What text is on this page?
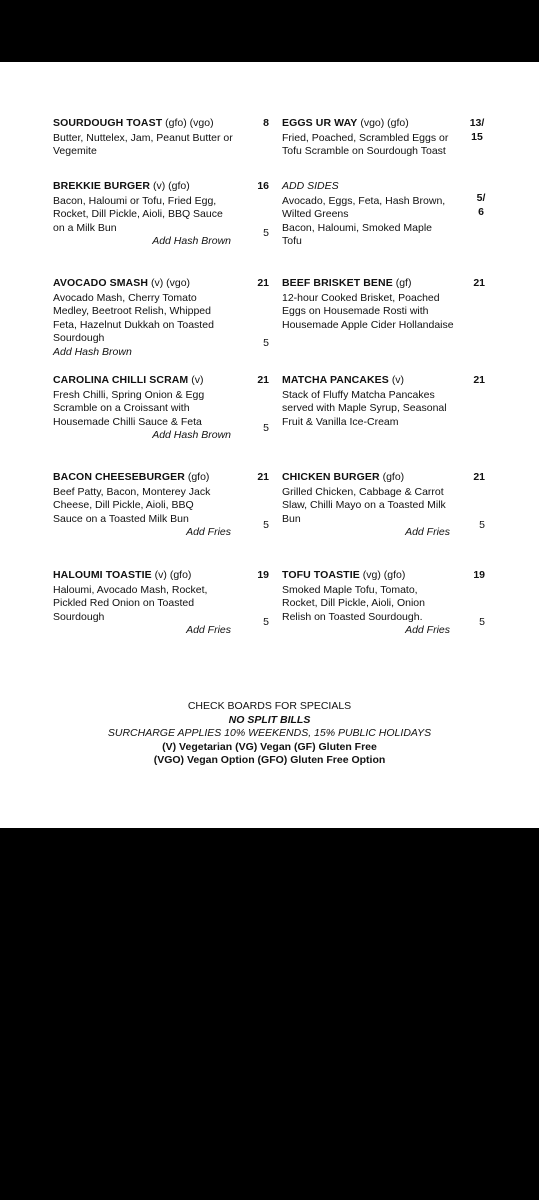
SOURDOUGH TOAST (gfo) (vgo)
Butter, Nuttelex, Jam, Peanut Butter or Vegemite
8 EGGS UR WAY (vgo) (gfo)
Fried, Poached, Scrambled Eggs or Tofu Scramble on Sourdough Toast
13/ 15
BREKKIE BURGER (v) (gfo)
Bacon, Haloumi or Tofu, Fried Egg, Rocket, Dill Pickle, Aioli, BBQ Sauce on a Milk Bun
Add Hash Brown
16
5
ADD SIDES
Avocado, Eggs, Feta, Hash Brown, Wilted Greens
Bacon, Haloumi, Smoked Maple Tofu
5/ 6
AVOCADO SMASH (v) (vgo)
Avocado Mash, Cherry Tomato Medley, Beetroot Relish, Whipped Feta, Hazelnut Dukkah on Toasted Sourdough
Add Hash Brown
21
5
BEEF BRISKET BENE (gf)
12-hour Cooked Brisket, Poached Eggs on Housemade Rosti with Housemade Apple Cider Hollandaise
21
CAROLINA CHILLI SCRAM (v)
Fresh Chilli, Spring Onion & Egg Scramble on a Croissant with Housemade Chilli Sauce & Feta
Add Hash Brown
21
5
MATCHA PANCAKES (v)
Stack of Fluffy Matcha Pancakes served with Maple Syrup, Seasonal Fruit & Vanilla Ice-Cream
21
BACON CHEESEBURGER (gfo)
Beef Patty, Bacon, Monterey Jack Cheese, Dill Pickle, Aioli, BBQ Sauce on a Toasted Milk Bun
Add Fries
21
5
CHICKEN BURGER (gfo)
Grilled Chicken, Cabbage & Carrot Slaw, Chilli Mayo on a Toasted Milk Bun
Add Fries
21
5
HALOUMI TOASTIE (v) (gfo)
Haloumi, Avocado Mash, Rocket, Pickled Red Onion on Toasted Sourdough
Add Fries
19
5
TOFU TOASTIE (vg) (gfo)
Smoked Maple Tofu, Tomato, Rocket, Dill Pickle, Aioli, Onion Relish on Toasted Sourdough.
Add Fries
19
5
CHECK BOARDS FOR SPECIALS
NO SPLIT BILLS
SURCHARGE APPLIES 10% WEEKENDS, 15% PUBLIC HOLIDAYS
(V) Vegetarian (VG) Vegan (GF) Gluten Free
(VGO) Vegan Option (GFO) Gluten Free Option
